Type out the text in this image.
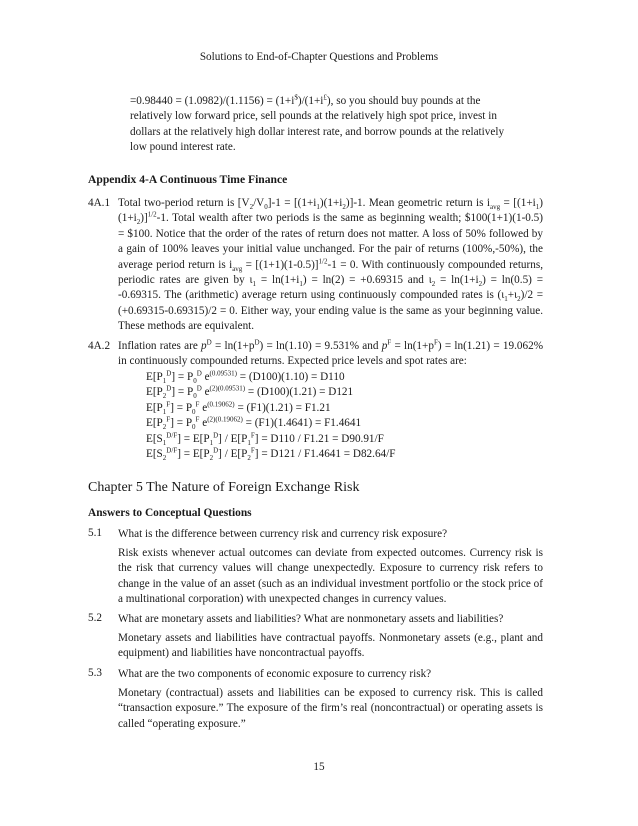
Solutions to End-of-Chapter Questions and Problems
=0.98440 = (1.0982)/(1.1156) = (1+i$)/(1+i£), so you should buy pounds at the
relatively low forward price, sell pounds at the relatively high spot price, invest in
dollars at the relatively high dollar interest rate, and borrow pounds at the relatively
low pound interest rate.
Appendix 4-A Continuous Time Finance
4A.1 Total two-period return is $[V_2/V_0]-1 = [(1+i_1)(1+i_2)]-1$. Mean geometric return is $i_{avg} = [(1+i_1)(1+i_2)]^{1/2}-1$. Total wealth after two periods is the same as beginning wealth; $100(1+1)(1-0.5) = $100. Notice that the order of the rates of return does not matter. A loss of 50% followed by a gain of 100% leaves your initial value unchanged. For the pair of returns (100%,-50%), the average period return is $i_{avg} = [(1+1)(1-0.5)]^{1/2}-1 = 0$. With continuously compounded returns, periodic rates are given by $\iota_1 = \ln(1+i_1) = \ln(2) = +0.69315$ and $\iota_2 = \ln(1+i_2) = \ln(0.5) = -0.69315$. The (arithmetic) average return using continuously compounded rates is $(\iota_1+\iota_2)/2 = (+0.69315-0.69315)/2 = 0$. Either way, your ending value is the same as your beginning value. These methods are equivalent.
4A.2 Inflation rates are $p^D = \ln(1+p^D) = \ln(1.10) = 9.531\%$ and $p^F = \ln(1+p^F) = \ln(1.21) = 19.062\%$ in continuously compounded returns. Expected price levels and spot rates are:
$E[P_1^D] = P_0^D$ $e^{(0.09531)} = (D100)(1.10) = D110$
$E[P_2^D] = P_0^D$ $e^{(2)(0.09531)} = (D100)(1.21) = D121$
$E[P_1^F] = P_0^F$ $e^{(0.19062)} = (F1)(1.21) = F1.21$
$E[P_2^F] = P_0^F$ $e^{(2)(0.19062)} = (F1)(1.4641) = F1.4641$
$E[S_1^{D/F}] = E[P_1^D] / E[P_1^F] = D110 / F1.21 = D90.91/F$
$E[S_2^{D/F}] = E[P_2^D] / E[P_2^F] = D121 / F1.4641 = D82.64/F$
Chapter 5 The Nature of Foreign Exchange Risk
Answers to Conceptual Questions
5.1 What is the difference between currency risk and currency risk exposure?
Risk exists whenever actual outcomes can deviate from expected outcomes. Currency risk is the risk that currency values will change unexpectedly. Exposure to currency risk refers to change in the value of an asset (such as an individual investment portfolio or the stock price of a multinational corporation) with unexpected changes in currency values.
5.2 What are monetary assets and liabilities? What are nonmonetary assets and liabilities?
Monetary assets and liabilities have contractual payoffs. Nonmonetary assets (e.g., plant and equipment) and liabilities have noncontractual payoffs.
5.3 What are the two components of economic exposure to currency risk?
Monetary (contractual) assets and liabilities can be exposed to currency risk. This is called “transaction exposure.” The exposure of the firm’s real (noncontractual) or operating assets is called “operating exposure.”
15
